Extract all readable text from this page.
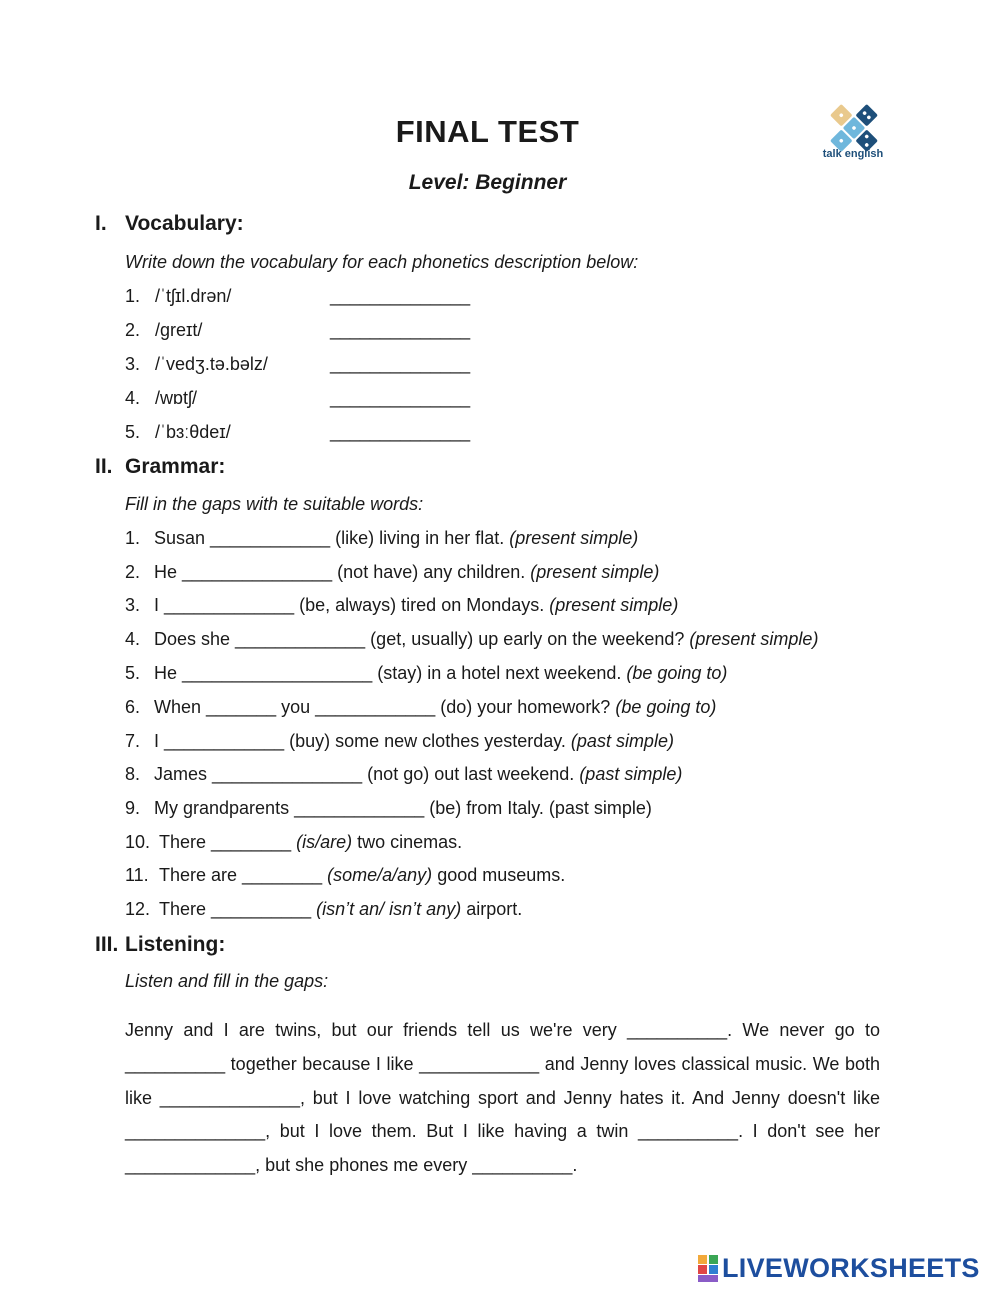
FINAL TEST
Level: Beginner
talk english
I. Vocabulary:
Write down the vocabulary for each phonetics description below:
1. /ˈtʃɪl.drən/	______________
2. /greɪt/	______________
3. /ˈvedʒ.tə.bəlz/	______________
4. /wɒtʃ/	______________
5. /ˈbɜːθdeɪ/	______________
II. Grammar:
Fill in the gaps with te suitable words:
1. Susan ____________ (like) living in her flat. (present simple)
2. He _______________ (not have) any children. (present simple)
3. I _____________ (be, always) tired on Mondays. (present simple)
4. Does she _____________ (get, usually) up early on the weekend? (present simple)
5. He ___________________ (stay) in a hotel next weekend. (be going to)
6. When _______ you ____________ (do) your homework? (be going to)
7. I ____________ (buy) some new clothes yesterday. (past simple)
8. James _______________ (not go) out last weekend. (past simple)
9. My grandparents _____________ (be) from Italy. (past simple)
10. There ________ (is/are) two cinemas.
11. There are ________ (some/a/any) good museums.
12. There __________ (isn’t an/ isn’t any) airport.
III. Listening:
Listen and fill in the gaps:
Jenny and I are twins, but our friends tell us we're very __________. We never go to __________ together because I like ____________ and Jenny loves classical music. We both like ______________, but I love watching sport and Jenny hates it. And Jenny doesn't like ______________, but I love them. But I like having a twin __________. I don't see her _____________, but she phones me every __________.
LIVEWORKSHEETS
